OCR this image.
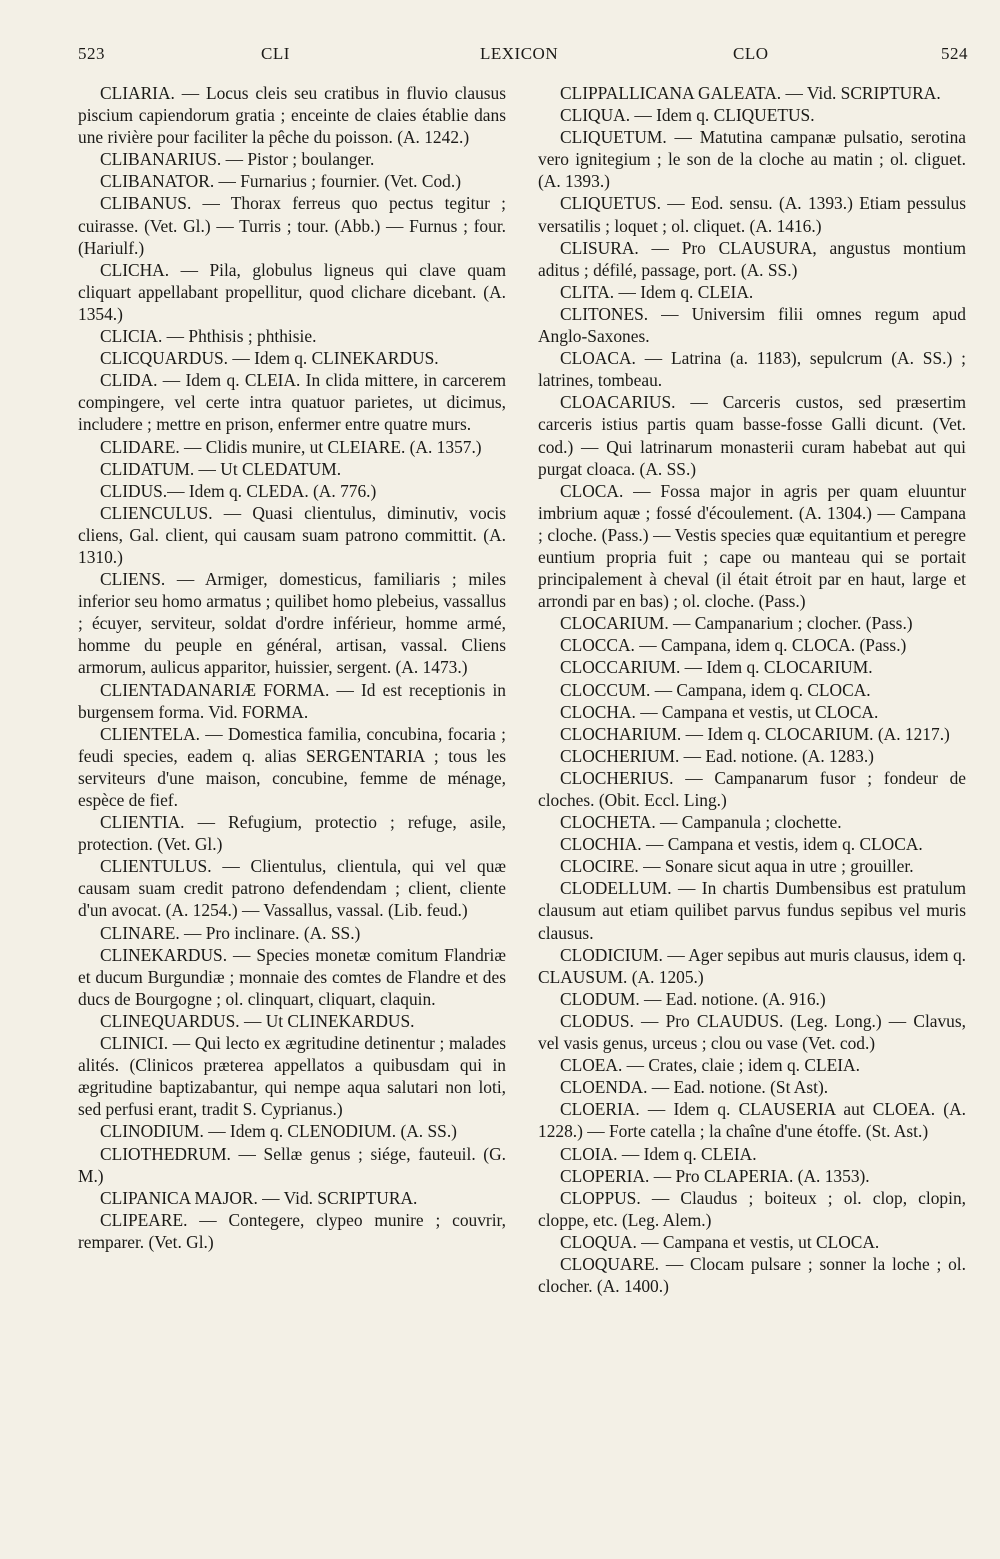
523	CLI	LEXICON	CLO	524

CLIARIA. — Locus cleis seu cratibus in fluvio clausus piscium capiendorum gratia ; enceinte de claies établie dans une rivière pour faciliter la pêche du poisson. (A. 1242.)

CLIBANARIUS. — Pistor ; boulanger.

CLIBANATOR. — Furnarius ; fournier. (Vet. Cod.)

CLIBANUS. — Thorax ferreus quo pectus tegitur ; cuirasse. (Vet. Gl.) — Turris ; tour. (Abb.) — Furnus ; four. (Hariulf.)

CLICHA. — Pila, globulus ligneus qui clave quam cliquart appellabant propellitur, quod clichare dicebant. (A. 1354.)

CLICIA. — Phthisis ; phthisie.

CLICQUARDUS. — Idem q. CLINEKARDUS.

CLIDA. — Idem q. CLEIA. In clida mittere, in carcerem compingere, vel certe intra quatuor parietes, ut dicimus, includere ; mettre en prison, enfermer entre quatre murs.

CLIDARE. — Clidis munire, ut CLEIARE. (A. 1357.)

CLIDATUM. — Ut CLEDATUM.

CLIDUS.— Idem q. CLEDA. (A. 776.)

CLIENCULUS. — Quasi clientulus, diminutiv, vocis cliens, Gal. client, qui causam suam patrono committit. (A. 1310.)

CLIENS. — Armiger, domesticus, familiaris ; miles inferior seu homo armatus ; quilibet homo plebeius, vassallus ; écuyer, serviteur, soldat d'ordre inférieur, homme armé, homme du peuple en général, artisan, vassal. Cliens armorum, aulicus apparitor, huissier, sergent. (A. 1473.)

CLIENTADANARIÆ FORMA. — Id est receptionis in burgensem forma. Vid. FORMA.

CLIENTELA. — Domestica familia, concubina, focaria ; feudi species, eadem q. alias SERGENTARIA ; tous les serviteurs d'une maison, concubine, femme de ménage, espèce de fief.

CLIENTIA. — Refugium, protectio ; refuge, asile, protection. (Vet. Gl.)

CLIENTULUS. — Clientulus, clientula, qui vel quæ causam suam credit patrono defendendam ; client, cliente d'un avocat. (A. 1254.) — Vassallus, vassal. (Lib. feud.)

CLINARE. — Pro inclinare. (A. SS.)

CLINEKARDUS. — Species monetæ comitum Flandriæ et ducum Burgundiæ ; monnaie des comtes de Flandre et des ducs de Bourgogne ; ol. clinquart, cliquart, claquin.

CLINEQUARDUS. — Ut CLINEKARDUS.

CLINICI. — Qui lecto ex ægritudine detinentur ; malades alités. (Clinicos præterea appellatos a quibusdam qui in ægritudine baptizabantur, qui nempe aqua salutari non loti, sed perfusi erant, tradit S. Cyprianus.)

CLINODIUM. — Idem q. CLENODIUM. (A. SS.)

CLIOTHEDRUM. — Sellæ genus ; siége, fauteuil. (G. M.)

CLIPANICA MAJOR. — Vid. SCRIPTURA.

CLIPEARE. — Contegere, clypeo munire ; couvrir, remparer. (Vet. Gl.)

CLIPPALLICANA GALEATA. — Vid. SCRIPTURA.

CLIQUA. — Idem q. CLIQUETUS.

CLIQUETUM. — Matutina campanæ pulsatio, serotina vero ignitegium ; le son de la cloche au matin ; ol. cliguet. (A. 1393.)

CLIQUETUS. — Eod. sensu. (A. 1393.) Etiam pessulus versatilis ; loquet ; ol. cliquet. (A. 1416.)

CLISURA. — Pro CLAUSURA, angustus montium aditus ; défilé, passage, port. (A. SS.)

CLITA. — Idem q. CLEIA.

CLITONES. — Universim filii omnes regum apud Anglo-Saxones.

CLOACA. — Latrina (a. 1183), sepulcrum (A. SS.) ; latrines, tombeau.

CLOACARIUS. — Carceris custos, sed præsertim carceris istius partis quam basse-fosse Galli dicunt. (Vet. cod.) — Qui latrinarum monasterii curam habebat aut qui purgat cloaca. (A. SS.)

CLOCA. — Fossa major in agris per quam eluuntur imbrium aquæ ; fossé d'écoulement. (A. 1304.) — Campana ; cloche. (Pass.) — Vestis species quæ equitantium et peregre euntium propria fuit ; cape ou manteau qui se portait principalement à cheval (il était étroit par en haut, large et arrondi par en bas) ; ol. cloche. (Pass.)

CLOCARIUM. — Campanarium ; clocher. (Pass.)

CLOCCA. — Campana, idem q. CLOCA. (Pass.)

CLOCCARIUM. — Idem q. CLOCARIUM.

CLOCCUM. — Campana, idem q. CLOCA.

CLOCHA. — Campana et vestis, ut CLOCA.

CLOCHARIUM. — Idem q. CLOCARIUM. (A. 1217.)

CLOCHERIUM. — Ead. notione. (A. 1283.)

CLOCHERIUS. — Campanarum fusor ; fondeur de cloches. (Obit. Eccl. Ling.)

CLOCHETA. — Campanula ; clochette.

CLOCHIA. — Campana et vestis, idem q. CLOCA.

CLOCIRE. — Sonare sicut aqua in utre ; grouiller.

CLODELLUM. — In chartis Dumbensibus est pratulum clausum aut etiam quilibet parvus fundus sepibus vel muris clausus.

CLODICIUM. — Ager sepibus aut muris clausus, idem q. CLAUSUM. (A. 1205.)

CLODUM. — Ead. notione. (A. 916.)

CLODUS. — Pro CLAUDUS. (Leg. Long.) — Clavus, vel vasis genus, urceus ; clou ou vase (Vet. cod.)

CLOEA. — Crates, claie ; idem q. CLEIA.

CLOENDA. — Ead. notione. (St Ast).

CLOERIA. — Idem q. CLAUSERIA aut CLOEA. (A. 1228.) — Forte catella ; la chaîne d'une étoffe. (St. Ast.)

CLOIA. — Idem q. CLEIA.

CLOPERIA. — Pro CLAPERIA. (A. 1353).

CLOPPUS. — Claudus ; boiteux ; ol. clop, clopin, cloppe, etc. (Leg. Alem.)

CLOQUA. — Campana et vestis, ut CLOCA.

CLOQUARE. — Clocam pulsare ; sonner la loche ; ol. clocher. (A. 1400.)
